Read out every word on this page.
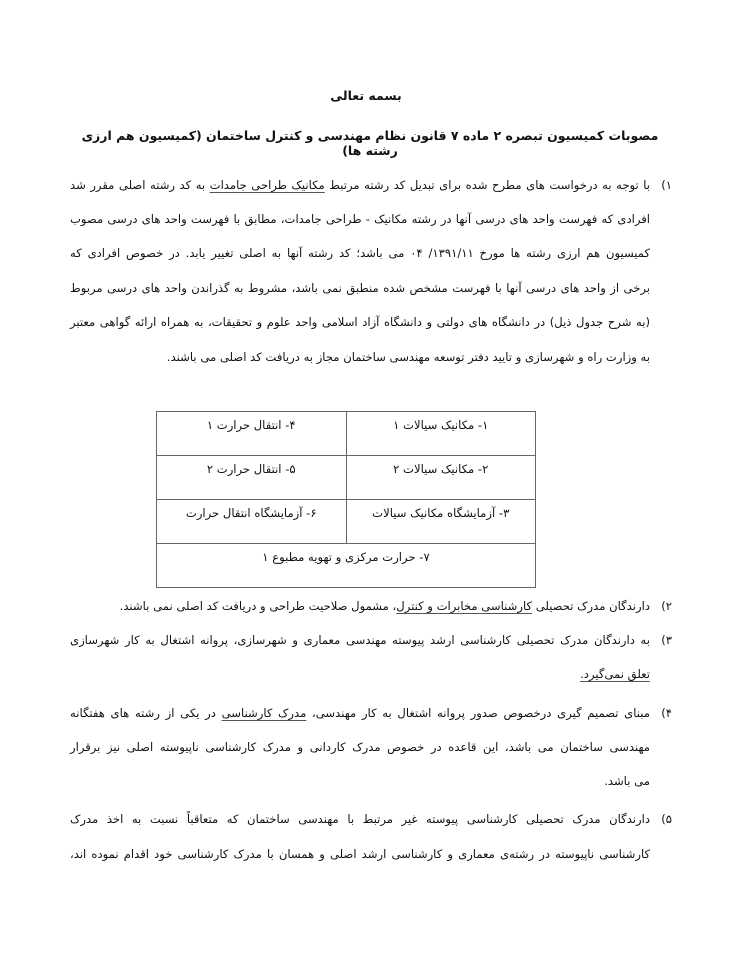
بسمه تعالی
مصوبات کمیسیون تبصره ۲ ماده ۷ قانون نظام مهندسی و کنترل ساختمان (کمیسیون هم ارزی رشته ها)
۱)
با توجه به درخواست های مطرح شده برای تبدیل کد رشته مرتبط مکانیک طراحی جامدات به کد رشته اصلی مقرر شد
افرادی که فهرست واحد های درسی آنها در رشته مکانیک - طراحی جامدات، مطابق با فهرست واحد های درسی مصوب
کمیسیون هم ارزی رشته ها مورخ ۱۳۹۱/۱۱/ ۰۴ می باشد؛ کد رشته آنها به اصلی تغییر یابد. در خصوص افرادی که
برخی از واحد های درسی آنها با فهرست مشخص شده منطبق نمی باشد، مشروط به گذراندن واحد های درسی مربوط
(به شرح جدول ذیل) در دانشگاه های دولتی و دانشگاه آزاد اسلامی واحد علوم و تحقیقات، به همراه ارائه گواهی معتبر
به وزارت راه و شهرسازی و تایید دفتر توسعه مهندسی ساختمان مجاز به دریافت کد اصلی می باشند.
۱- مکانیک سیالات ۱	۴- انتقال حرارت ۱
۲- مکانیک سیالات ۲	۵- انتقال حرارت ۲
۳- آزمایشگاه مکانیک سیالات	۶- آزمایشگاه انتقال حرارت
۷- حرارت مرکزی و تهویه مطبوع ۱	
۲)
دارندگان مدرک تحصیلی کارشناسی مخابرات و کنترل، مشمول صلاحیت طراحی و دریافت کد اصلی نمی باشند.
۳)
به دارندگان مدرک تحصیلی کارشناسی ارشد پیوسته مهندسی معماری و شهرسازی، پروانه اشتغال به کار شهرسازی
تعلق نمی‌گیرد.
۴)
مبنای تصمیم گیری درخصوص صدور پروانه اشتغال به کار مهندسی، مدرک کارشناسی در یکی از رشته های هفتگانه
مهندسی ساختمان می باشد، این قاعده در خصوص مدرک کاردانی و مدرک کارشناسی ناپیوسته اصلی نیز برقرار
می باشد.
۵)
دارندگان مدرک تحصیلی کارشناسی پیوسته غیر مرتبط با مهندسی ساختمان که متعاقباً نسبت به اخذ مدرک
کارشناسی ناپیوسته در رشته‌ی معماری و کارشناسی ارشد اصلی و همسان با مدرک کارشناسی خود اقدام نموده اند،
